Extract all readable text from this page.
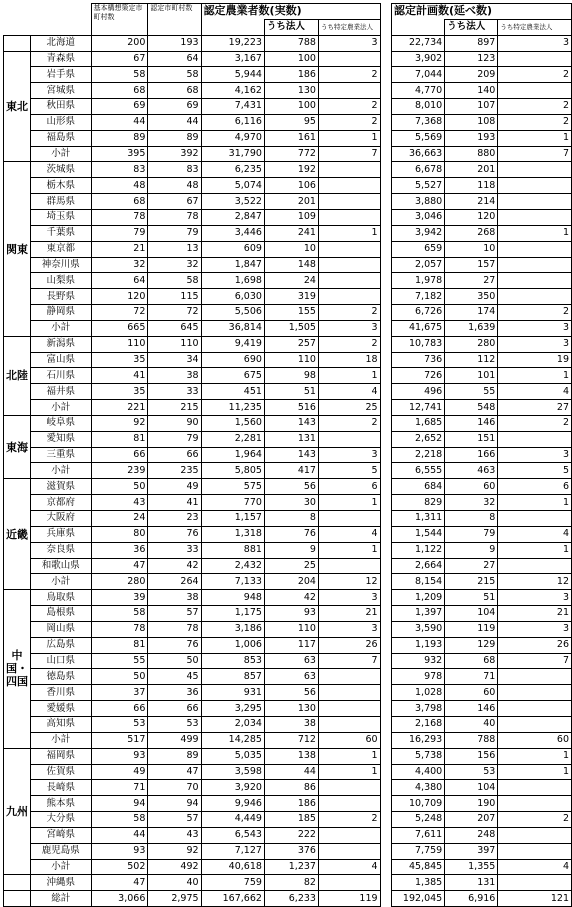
		基本構想策定市町村数	認定市町村数	認定農業者数(実数)				認定計画数(延べ数)		
					うち法人	うち特定農業法人			うち法人	うち特定農業法人
	北海道	200	193	19,223	788	3		22,734	897	3
東北	青森県	67	64	3,167	100			3,902	123	
	岩手県	58	58	5,944	186	2		7,044	209	2
	宮城県	68	68	4,162	130			4,770	140	
	秋田県	69	69	7,431	100	2		8,010	107	2
	山形県	44	44	6,116	95	2		7,368	108	2
	福島県	89	89	4,970	161	1		5,569	193	1
	小計	395	392	31,790	772	7		36,663	880	7
関東	茨城県	83	83	6,235	192			6,678	201	
	栃木県	48	48	5,074	106			5,527	118	
	群馬県	68	67	3,522	201			3,880	214	
	埼玉県	78	78	2,847	109			3,046	120	
	千葉県	79	79	3,446	241	1		3,942	268	1
	東京都	21	13	609	10			659	10	
	神奈川県	32	32	1,847	148			2,057	157	
	山梨県	64	58	1,698	24			1,978	27	
	長野県	120	115	6,030	319			7,182	350	
	静岡県	72	72	5,506	155	2		6,726	174	2
	小計	665	645	36,814	1,505	3		41,675	1,639	3
北陸	新潟県	110	110	9,419	257	2		10,783	280	3
	富山県	35	34	690	110	18		736	112	19
	石川県	41	38	675	98	1		726	101	1
	福井県	35	33	451	51	4		496	55	4
	小計	221	215	11,235	516	25		12,741	548	27
東海	岐阜県	92	90	1,560	143	2		1,685	146	2
	愛知県	81	79	2,281	131			2,652	151	
	三重県	66	66	1,964	143	3		2,218	166	3
	小計	239	235	5,805	417	5		6,555	463	5
近畿	滋賀県	50	49	575	56	6		684	60	6
	京都府	43	41	770	30	1		829	32	1
	大阪府	24	23	1,157	8			1,311	8	
	兵庫県	80	76	1,318	76	4		1,544	79	4
	奈良県	36	33	881	9	1		1,122	9	1
	和歌山県	47	42	2,432	25			2,664	27	
	小計	280	264	7,133	204	12		8,154	215	12
中国・四国	鳥取県	39	38	948	42	3		1,209	51	3
	島根県	58	57	1,175	93	21		1,397	104	21
	岡山県	78	78	3,186	110	3		3,590	119	3
	広島県	81	76	1,006	117	26		1,193	129	26
	山口県	55	50	853	63	7		932	68	7
	徳島県	50	45	857	63			978	71	
	香川県	37	36	931	56			1,028	60	
	愛媛県	66	66	3,295	130			3,798	146	
	高知県	53	53	2,034	38			2,168	40	
	小計	517	499	14,285	712	60		16,293	788	60
九州	福岡県	93	89	5,035	138	1		5,738	156	1
	佐賀県	49	47	3,598	44	1		4,400	53	1
	長崎県	71	70	3,920	86			4,380	104	
	熊本県	94	94	9,946	186			10,709	190	
	大分県	58	57	4,449	185	2		5,248	207	2
	宮崎県	44	43	6,543	222			7,611	248	
	鹿児島県	93	92	7,127	376			7,759	397	
	小計	502	492	40,618	1,237	4		45,845	1,355	4
	沖縄県	47	40	759	82			1,385	131	
	総計	3,066	2,975	167,662	6,233	119		192,045	6,916	121
